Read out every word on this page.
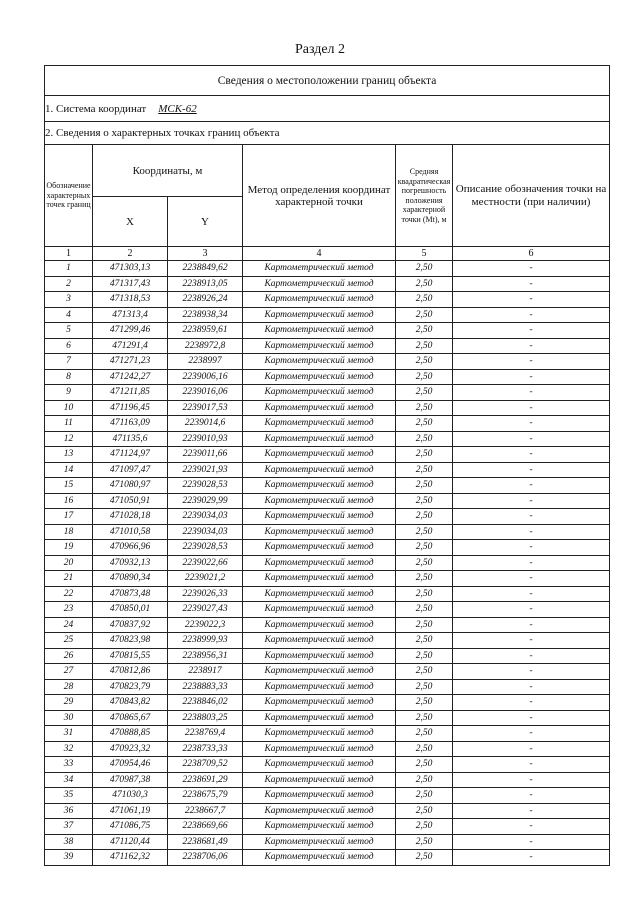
Раздел 2
Сведения о местоположении границ объекта					
1. Система координат МСК-62					
2. Сведения о характерных точках границ объекта					
Обозначение характерных точек границ	Координаты, м		Метод определения координат характерной точки	Средняя квадратическая погрешность положения характерной точки (Mt), м	Описание обозначения точки на местности (при наличии)
	X	Y			
1	2	3	4	5	6
1	471303,13	2238849,62	Картометрический метод	2,50	-
2	471317,43	2238913,05	Картометрический метод	2,50	-
3	471318,53	2238926,24	Картометрический метод	2,50	-
4	471313,4	2238938,34	Картометрический метод	2,50	-
5	471299,46	2238959,61	Картометрический метод	2,50	-
6	471291,4	2238972,8	Картометрический метод	2,50	-
7	471271,23	2238997	Картометрический метод	2,50	-
8	471242,27	2239006,16	Картометрический метод	2,50	-
9	471211,85	2239016,06	Картометрический метод	2,50	-
10	471196,45	2239017,53	Картометрический метод	2,50	-
11	471163,09	2239014,6	Картометрический метод	2,50	-
12	471135,6	2239010,93	Картометрический метод	2,50	-
13	471124,97	2239011,66	Картометрический метод	2,50	-
14	471097,47	2239021,93	Картометрический метод	2,50	-
15	471080,97	2239028,53	Картометрический метод	2,50	-
16	471050,91	2239029,99	Картометрический метод	2,50	-
17	471028,18	2239034,03	Картометрический метод	2,50	-
18	471010,58	2239034,03	Картометрический метод	2,50	-
19	470966,96	2239028,53	Картометрический метод	2,50	-
20	470932,13	2239022,66	Картометрический метод	2,50	-
21	470890,34	2239021,2	Картометрический метод	2,50	-
22	470873,48	2239026,33	Картометрический метод	2,50	-
23	470850,01	2239027,43	Картометрический метод	2,50	-
24	470837,92	2239022,3	Картометрический метод	2,50	-
25	470823,98	2238999,93	Картометрический метод	2,50	-
26	470815,55	2238956,31	Картометрический метод	2,50	-
27	470812,86	2238917	Картометрический метод	2,50	-
28	470823,79	2238883,33	Картометрический метод	2,50	-
29	470843,82	2238846,02	Картометрический метод	2,50	-
30	470865,67	2238803,25	Картометрический метод	2,50	-
31	470888,85	2238769,4	Картометрический метод	2,50	-
32	470923,32	2238733,33	Картометрический метод	2,50	-
33	470954,46	2238709,52	Картометрический метод	2,50	-
34	470987,38	2238691,29	Картометрический метод	2,50	-
35	471030,3	2238675,79	Картометрический метод	2,50	-
36	471061,19	2238667,7	Картометрический метод	2,50	-
37	471086,75	2238669,66	Картометрический метод	2,50	-
38	471120,44	2238681,49	Картометрический метод	2,50	-
39	471162,32	2238706,06	Картометрический метод	2,50	-
